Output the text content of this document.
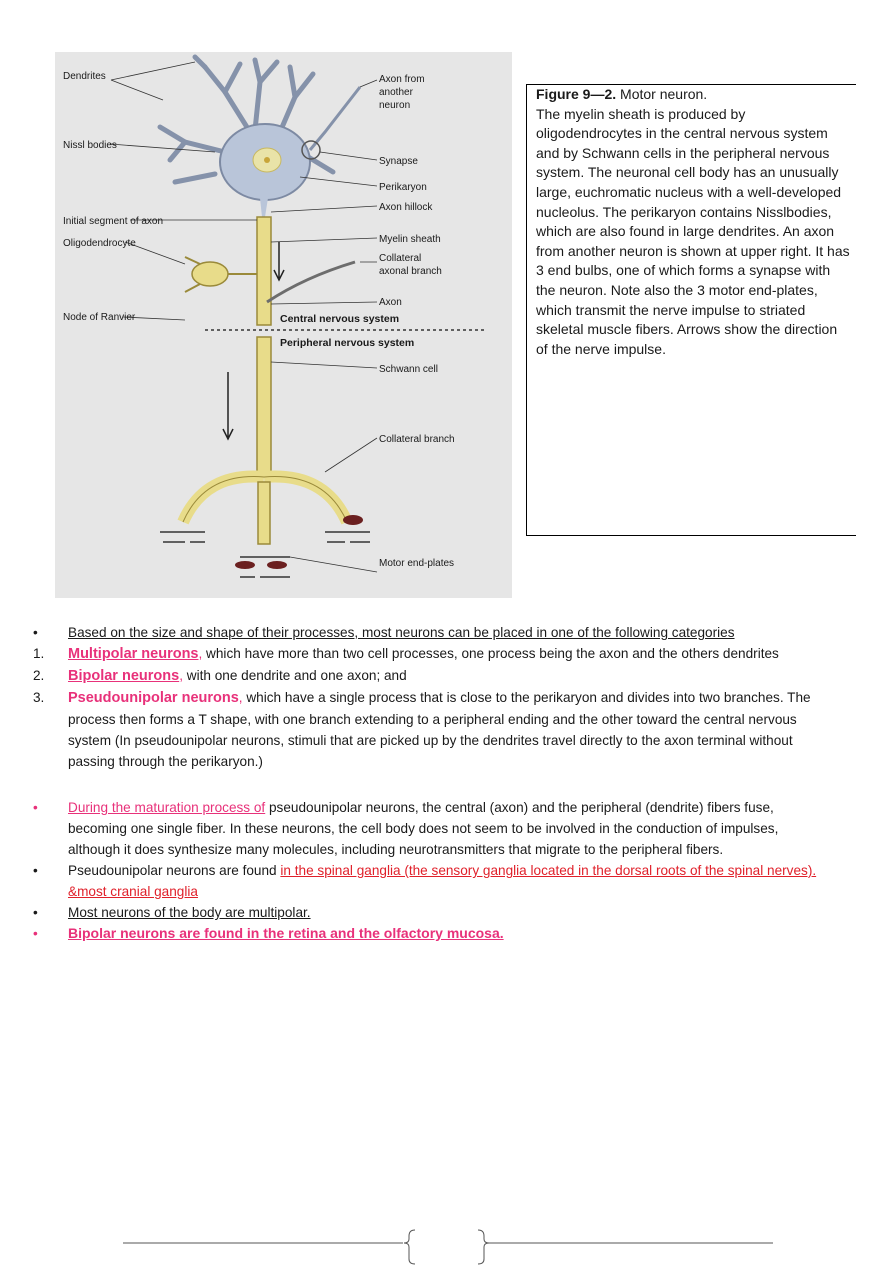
Dendrites
Nissl bodies
Initial segment of axon
Oligodendrocyte
Node of Ranvier
Axon from
another
neuron
Synapse
Perikaryon
Axon hillock
Myelin sheath
Collateral
axonal branch
Axon
Central nervous system
Peripheral nervous system
Schwann cell
Collateral branch
Motor end-plates
Figure 9—2. Motor neuron.
The myelin sheath is produced by oligodendrocytes in the central nervous system and by Schwann cells in the peripheral nervous system. The neuronal cell body has an unusually large, euchromatic nucleus with a well-developed nucleolus. The perikaryon contains Nisslbodies, which are also found in large dendrites. An axon from another neuron is shown at upper right. It has 3 end bulbs, one of which forms a synapse with the neuron. Note also the 3 motor end-plates, which transmit the nerve impulse to striated skeletal muscle fibers. Arrows show the direction of the nerve impulse.
• Based on the size and shape of their processes, most neurons can be placed in one of the following categories
1. Multipolar neurons, which have more than two cell processes, one process being the axon and the others dendrites
2. Bipolar neurons, with one dendrite and one axon; and
3. Pseudounipolar neurons, which have a single process that is close to the perikaryon and divides into two branches. The process then forms a T shape, with one branch extending to a peripheral ending and the other toward the central nervous system (In pseudounipolar neurons, stimuli that are picked up by the dendrites travel directly to the axon terminal without passing through the perikaryon.)
• During the maturation process of pseudounipolar neurons, the central (axon) and the peripheral (dendrite) fibers fuse, becoming one single fiber. In these neurons, the cell body does not seem to be involved in the conduction of impulses, although it does synthesize many molecules, including neurotransmitters that migrate to the peripheral fibers.
• Pseudounipolar neurons are found in the spinal ganglia (the sensory ganglia located in the dorsal roots of the spinal nerves). &most cranial ganglia
• Most neurons of the body are multipolar.
• Bipolar neurons are found in the retina and the olfactory mucosa.
